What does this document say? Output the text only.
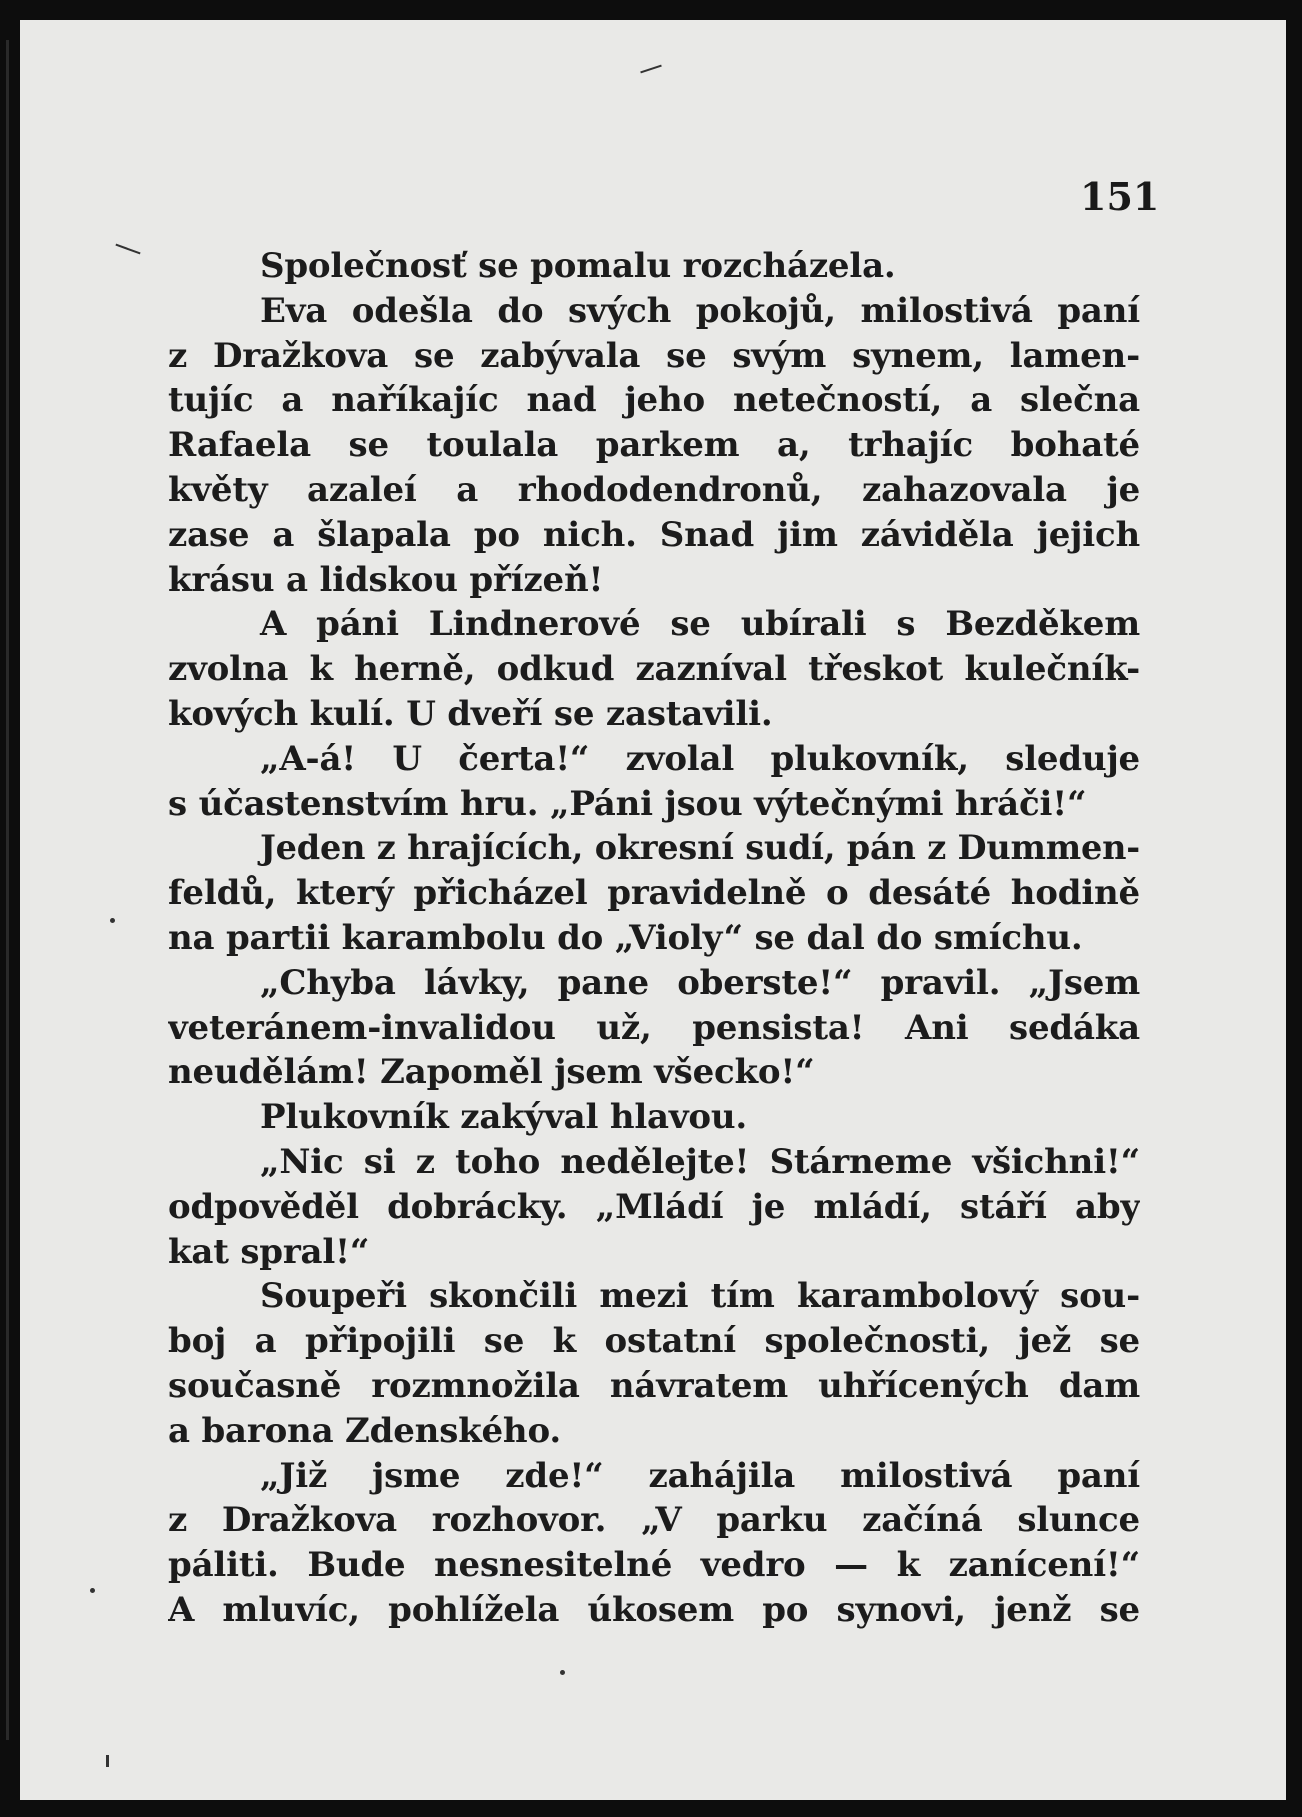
151
Společnosť se pomalu rozcházela.
Eva odešla do svých pokojů, milostivá paní
z Dražkova se zabývala se svým synem, lamen-
tujíc a naříkajíc nad jeho netečností, a slečna
Rafaela se toulala parkem a, trhajíc bohaté
květy azaleí a rhododendronů, zahazovala je
zase a šlapala po nich. Snad jim záviděla jejich
krásu a lidskou přízeň!
A páni Lindnerové se ubírali s Bezděkem
zvolna k herně, odkud zazníval třeskot kulečník-
kových kulí. U dveří se zastavili.
„A-á! U čerta!“ zvolal plukovník, sleduje
s účastenstvím hru. „Páni jsou výtečnými hráči!“
Jeden z hrajících, okresní sudí, pán z Dummen-
feldů, který přicházel pravidelně o desáté hodině
na partii karambolu do „Violy“ se dal do smíchu.
„Chyba lávky, pane oberste!“ pravil. „Jsem
veteránem-invalidou už, pensista! Ani sedáka
neudělám! Zapoměl jsem všecko!“
Plukovník zakýval hlavou.
„Nic si z toho nedělejte! Stárneme všichni!“
odpověděl dobrácky. „Mládí je mládí, stáří aby
kat spral!“
Soupeři skončili mezi tím karambolový sou-
boj a připojili se k ostatní společnosti, jež se
současně rozmnožila návratem uhřícených dam
a barona Zdenského.
„Již jsme zde!“ zahájila milostivá paní
z Dražkova rozhovor. „V parku začíná slunce
páliti. Bude nesnesitelné vedro — k zanícení!“
A mluvíc, pohlížela úkosem po synovi, jenž se
